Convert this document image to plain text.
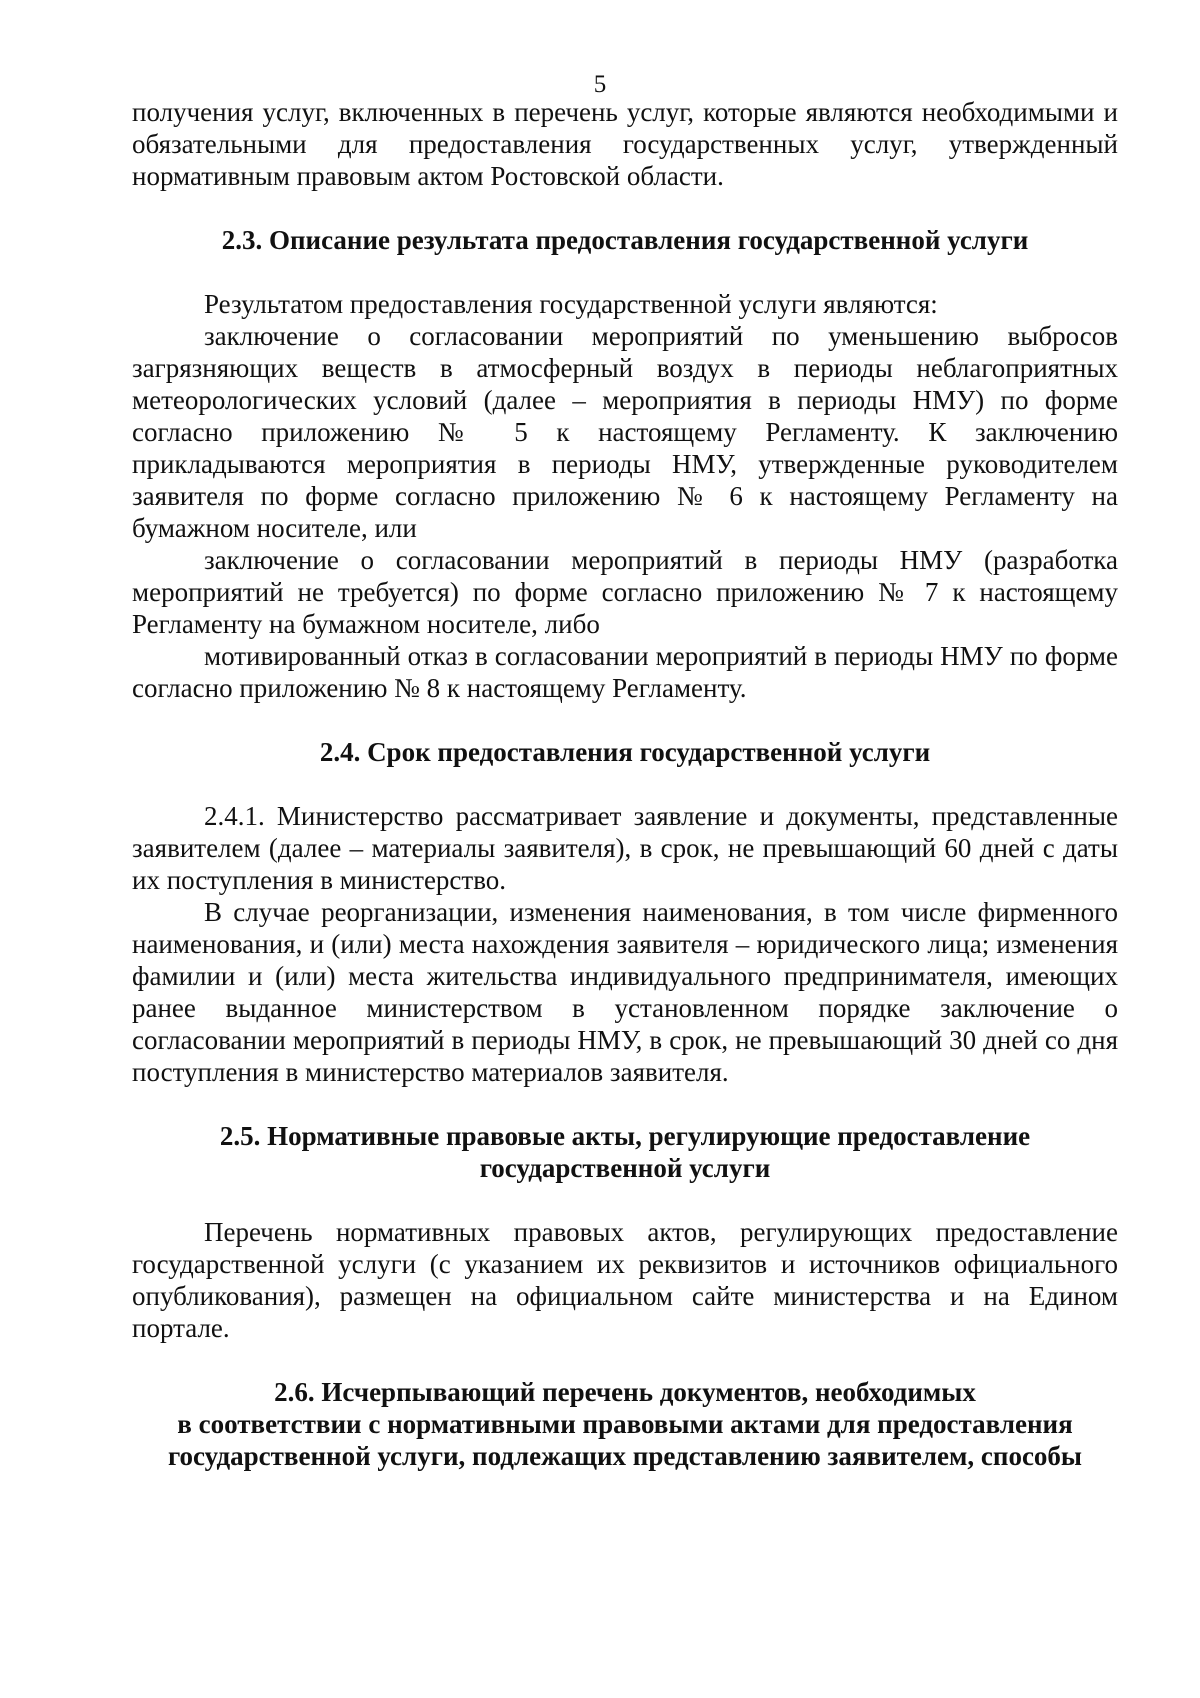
5

получения услуг, включенных в перечень услуг, которые являются необходимыми и обязательными для предоставления государственных услуг, утвержденный нормативным правовым актом Ростовской области.

2.3. Описание результата предоставления государственной услуги

Результатом предоставления государственной услуги являются:

заключение о согласовании мероприятий по уменьшению выбросов загрязняющих веществ в атмосферный воздух в периоды неблагоприятных метеорологических условий (далее – мероприятия в периоды НМУ) по форме согласно приложению № 5 к настоящему Регламенту. К заключению прикладываются мероприятия в периоды НМУ, утвержденные руководителем заявителя по форме согласно приложению № 6 к настоящему Регламенту на бумажном носителе, или

заключение о согласовании мероприятий в периоды НМУ (разработка мероприятий не требуется) по форме согласно приложению № 7 к настоящему Регламенту на бумажном носителе, либо

мотивированный отказ в согласовании мероприятий в периоды НМУ по форме согласно приложению № 8 к настоящему Регламенту.

2.4. Срок предоставления государственной услуги

2.4.1. Министерство рассматривает заявление и документы, представленные заявителем (далее – материалы заявителя), в срок, не превышающий 60 дней с даты их поступления в министерство.

В случае реорганизации, изменения наименования, в том числе фирменного наименования, и (или) места нахождения заявителя – юридического лица; изменения фамилии и (или) места жительства индивидуального предпринимателя, имеющих ранее выданное министерством в установленном порядке заключение о согласовании мероприятий в периоды НМУ, в срок, не превышающий 30 дней со дня поступления в министерство материалов заявителя.

2.5. Нормативные правовые акты, регулирующие предоставление
государственной услуги

Перечень нормативных правовых актов, регулирующих предоставление государственной услуги (с указанием их реквизитов и источников официального опубликования), размещен на официальном сайте министерства и на Едином портале.

2.6. Исчерпывающий перечень документов, необходимых
в соответствии с нормативными правовыми актами для предоставления
государственной услуги, подлежащих представлению заявителем, способы
